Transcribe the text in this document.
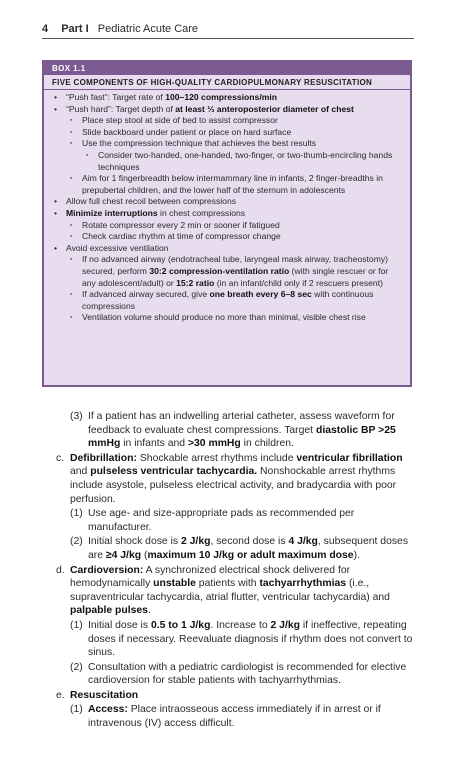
4 Part I Pediatric Acute Care
BOX 1.1
FIVE COMPONENTS OF HIGH-QUALITY CARDIOPULMONARY RESUSCITATION
• “Push fast”: Target rate of 100–120 compressions/min
• “Push hard”: Target depth of at least ⅓ anteroposterior diameter of chest
▪ Place step stool at side of bed to assist compressor
▪ Slide backboard under patient or place on hard surface
▪ Use the compression technique that achieves the best results
▪ Consider two-handed, one-handed, two-finger, or two-thumb-encircling hands techniques
▪ Aim for 1 fingerbreadth below intermammary line in infants, 2 finger-breadths in prepubertal children, and the lower half of the sternum in adolescents
• Allow full chest recoil between compressions
• Minimize interruptions in chest compressions
▪ Rotate compressor every 2 min or sooner if fatigued
▪ Check cardiac rhythm at time of compressor change
• Avoid excessive ventilation
▪ If no advanced airway (endotracheal tube, laryngeal mask airway, tracheostomy) secured, perform 30:2 compression-ventilation ratio (with single rescuer or for any adolescent/adult) or 15:2 ratio (in an infant/child only if 2 rescuers present)
▪ If advanced airway secured, give one breath every 6–8 sec with continuous compressions
▪ Ventilation volume should produce no more than minimal, visible chest rise
(3) If a patient has an indwelling arterial catheter, assess waveform for feedback to evaluate chest compressions. Target diastolic BP >25 mmHg in infants and >30 mmHg in children.
c. Defibrillation: Shockable arrest rhythms include ventricular fibrillation and pulseless ventricular tachycardia. Nonshockable arrest rhythms include asystole, pulseless electrical activity, and bradycardia with poor perfusion.
(1) Use age- and size-appropriate pads as recommended per manufacturer.
(2) Initial shock dose is 2 J/kg, second dose is 4 J/kg, subsequent doses are ≥4 J/kg (maximum 10 J/kg or adult maximum dose).
d. Cardioversion: A synchronized electrical shock delivered for hemodynamically unstable patients with tachyarrhythmias (i.e., supraventricular tachycardia, atrial flutter, ventricular tachycardia) and palpable pulses.
(1) Initial dose is 0.5 to 1 J/kg. Increase to 2 J/kg if ineffective, repeating doses if necessary. Reevaluate diagnosis if rhythm does not convert to sinus.
(2) Consultation with a pediatric cardiologist is recommended for elective cardioversion for stable patients with tachyarrhythmias.
e. Resuscitation
(1) Access: Place intraosseous access immediately if in arrest or if intravenous (IV) access difficult.
